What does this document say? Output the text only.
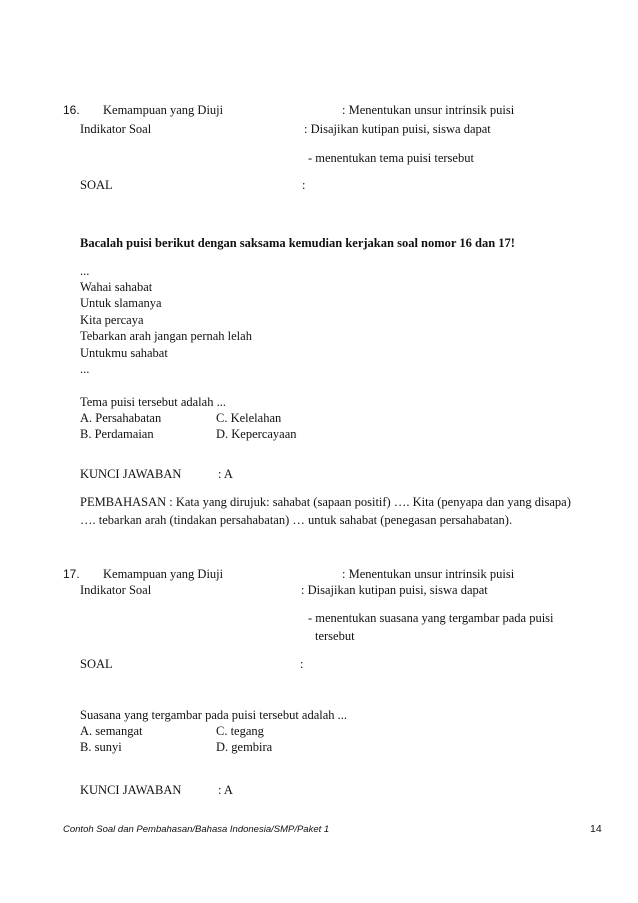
16. Kemampuan yang Diuji	: Menentukan unsur intrinsik puisi
Indikator Soal	: Disajikan kutipan puisi, siswa dapat
- menentukan tema puisi tersebut
SOAL	:
Bacalah puisi berikut dengan saksama kemudian kerjakan soal nomor 16 dan 17!
...
Wahai sahabat
Untuk slamanya
Kita percaya
Tebarkan arah jangan pernah lelah
Untukmu sahabat
...
Tema puisi tersebut adalah ...
A. Persahabatan	C. Kelelahan
B. Perdamaian	D. Kepercayaan
KUNCI JAWABAN	: A
PEMBAHASAN : Kata yang dirujuk: sahabat (sapaan positif) …. Kita (penyapa dan yang disapa)
…. tebarkan arah (tindakan persahabatan) … untuk sahabat (penegasan persahabatan).
17. Kemampuan yang Diuji	: Menentukan unsur intrinsik puisi
Indikator Soal	: Disajikan kutipan puisi, siswa dapat
- menentukan suasana yang tergambar pada puisi
tersebut
SOAL	:
Suasana yang tergambar pada puisi tersebut adalah ...
A. semangat	C. tegang
B. sunyi	D. gembira
KUNCI JAWABAN	: A
Contoh Soal dan Pembahasan/Bahasa Indonesia/SMP/Paket 1	14
